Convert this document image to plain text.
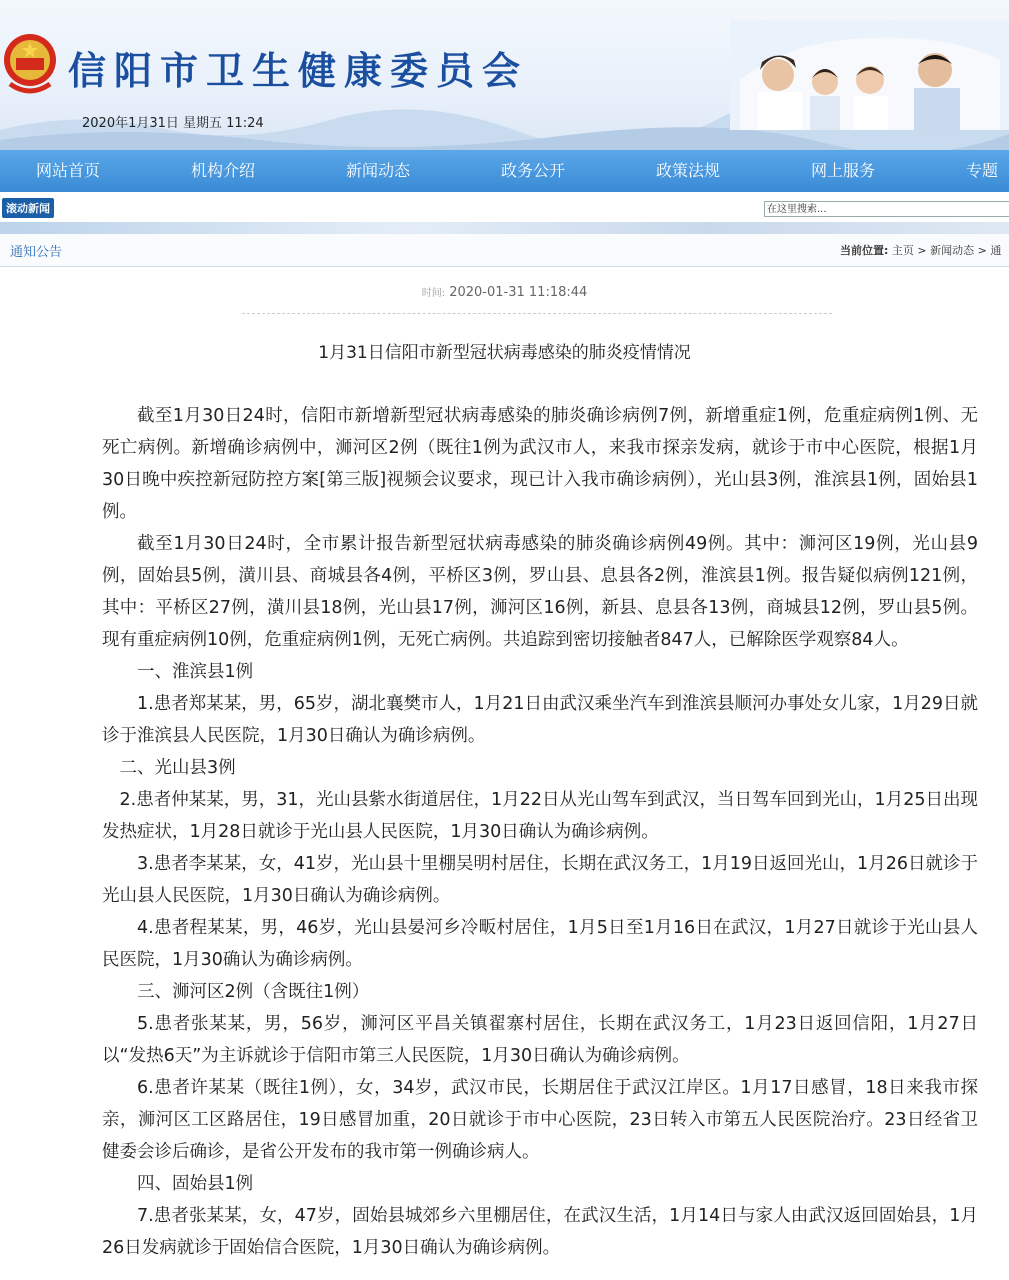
信阳市卫生健康委员会
2020年1月31日 星期五 11:24
网站首页	机构介绍	新闻动态	政务公开	政策法规	网上服务	专题
滚动新闻	在这里搜索...
通知公告	当前位置: 主页 > 新闻动态 > 通
时间: 2020-01-31 11:18:44
1月31日信阳市新型冠状病毒感染的肺炎疫情情况

截至1月30日24时，信阳市新增新型冠状病毒感染的肺炎确诊病例7例，新增重症1例，危重症病例1例、无死亡病例。新增确诊病例中，浉河区2例（既往1例为武汉市人，来我市探亲发病，就诊于市中心医院，根据1月30日晚中疾控新冠防控方案[第三版]视频会议要求，现已计入我市确诊病例），光山县3例，淮滨县1例，固始县1例。

截至1月30日24时，全市累计报告新型冠状病毒感染的肺炎确诊病例49例。其中：浉河区19例，光山县9例，固始县5例，潢川县、商城县各4例，平桥区3例，罗山县、息县各2例，淮滨县1例。报告疑似病例121例，其中：平桥区27例，潢川县18例，光山县17例，浉河区16例，新县、息县各13例，商城县12例，罗山县5例。现有重症病例10例，危重症病例1例，无死亡病例。共追踪到密切接触者847人，已解除医学观察84人。

一、淮滨县1例

1.患者郑某某，男，65岁，湖北襄樊市人，1月21日由武汉乘坐汽车到淮滨县顺河办事处女儿家，1月29日就诊于淮滨县人民医院，1月30日确认为确诊病例。

二、光山县3例

2.患者仲某某，男，31，光山县紫水街道居住，1月22日从光山驾车到武汉，当日驾车回到光山，1月25日出现发热症状，1月28日就诊于光山县人民医院，1月30日确认为确诊病例。

3.患者李某某，女，41岁，光山县十里棚吴明村居住，长期在武汉务工，1月19日返回光山，1月26日就诊于光山县人民医院，1月30日确认为确诊病例。

4.患者程某某，男，46岁，光山县晏河乡冷畈村居住，1月5日至1月16日在武汉，1月27日就诊于光山县人民医院，1月30确认为确诊病例。

三、浉河区2例（含既往1例）

5.患者张某某，男，56岁，浉河区平昌关镇翟寨村居住，长期在武汉务工，1月23日返回信阳，1月27日以“发热6天”为主诉就诊于信阳市第三人民医院，1月30日确认为确诊病例。

6.患者许某某（既往1例），女，34岁，武汉市民，长期居住于武汉江岸区。1月17日感冒，18日来我市探亲，浉河区工区路居住，19日感冒加重，20日就诊于市中心医院，23日转入市第五人民医院治疗。23日经省卫健委会诊后确诊，是省公开发布的我市第一例确诊病人。

四、固始县1例

7.患者张某某，女，47岁，固始县城郊乡六里棚居住，在武汉生活，1月14日与家人由武汉返回固始县，1月26日发病就诊于固始信合医院，1月30日确认为确诊病例。
